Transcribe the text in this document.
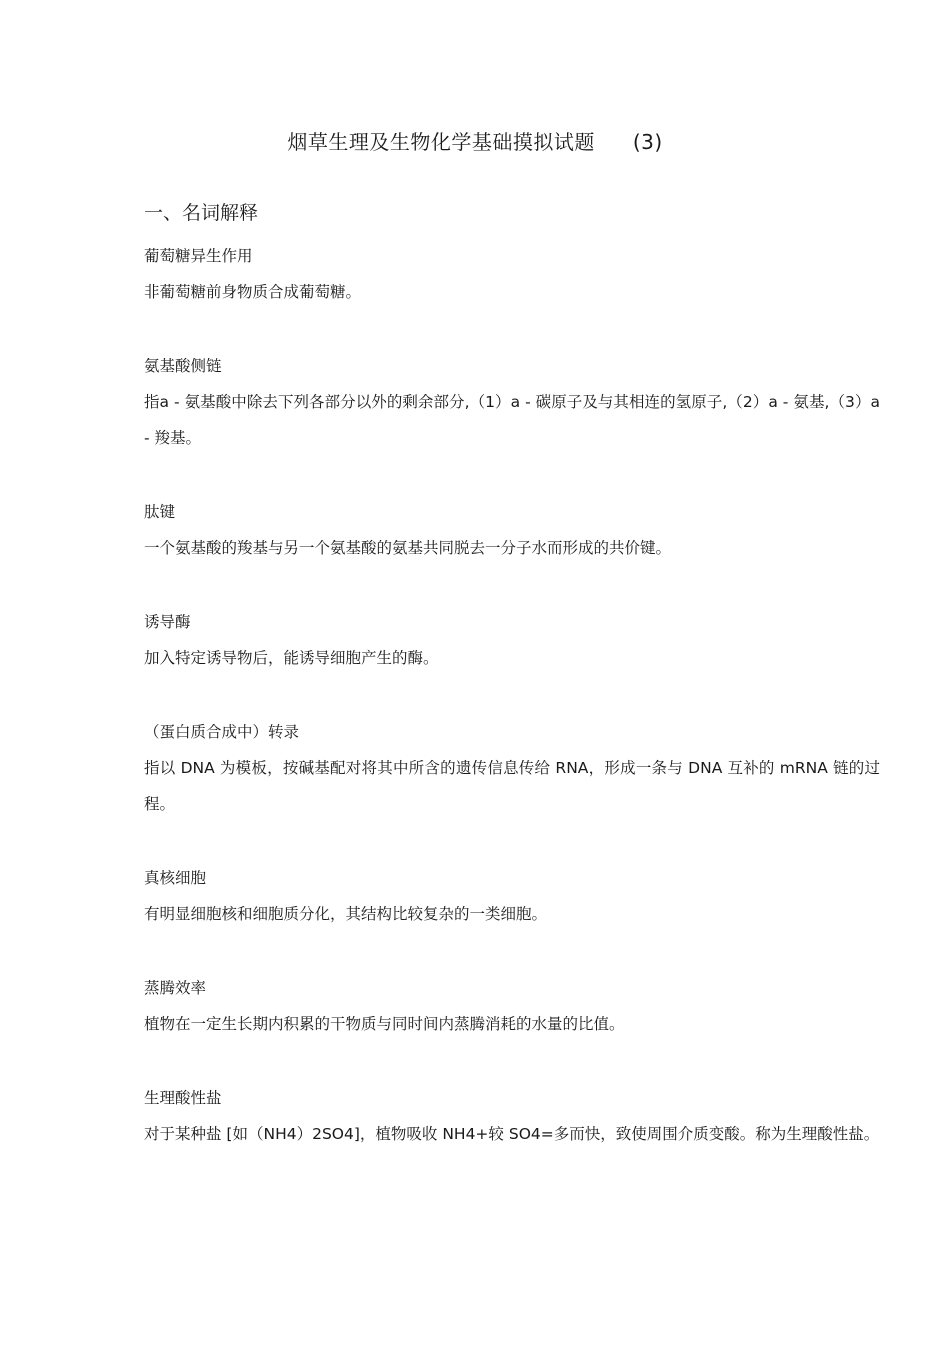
烟草生理及生物化学基础摸拟试题 (3)
一、名词解释
葡萄糖异生作用
非葡萄糖前身物质合成葡萄糖。
氨基酸侧链
指a - 氨基酸中除去下列各部分以外的剩余部分,（1）a - 碳原子及与其相连的氢原子,（2）a - 氨基,（3）a - 羧基。
肽键
一个氨基酸的羧基与另一个氨基酸的氨基共同脱去一分子水而形成的共价键。
诱导酶
加入特定诱导物后，能诱导细胞产生的酶。
（蛋白质合成中）转录
指以 DNA 为模板，按碱基配对将其中所含的遗传信息传给 RNA，形成一条与 DNA 互补的 mRNA 链的过程。
真核细胞
有明显细胞核和细胞质分化，其结构比较复杂的一类细胞。
蒸腾效率
植物在一定生长期内积累的干物质与同时间内蒸腾消耗的水量的比值。
生理酸性盐
对于某种盐 [如（NH4）2SO4]，植物吸收 NH4+较 SO4=多而快，致使周围介质变酸。称为生理酸性盐。
